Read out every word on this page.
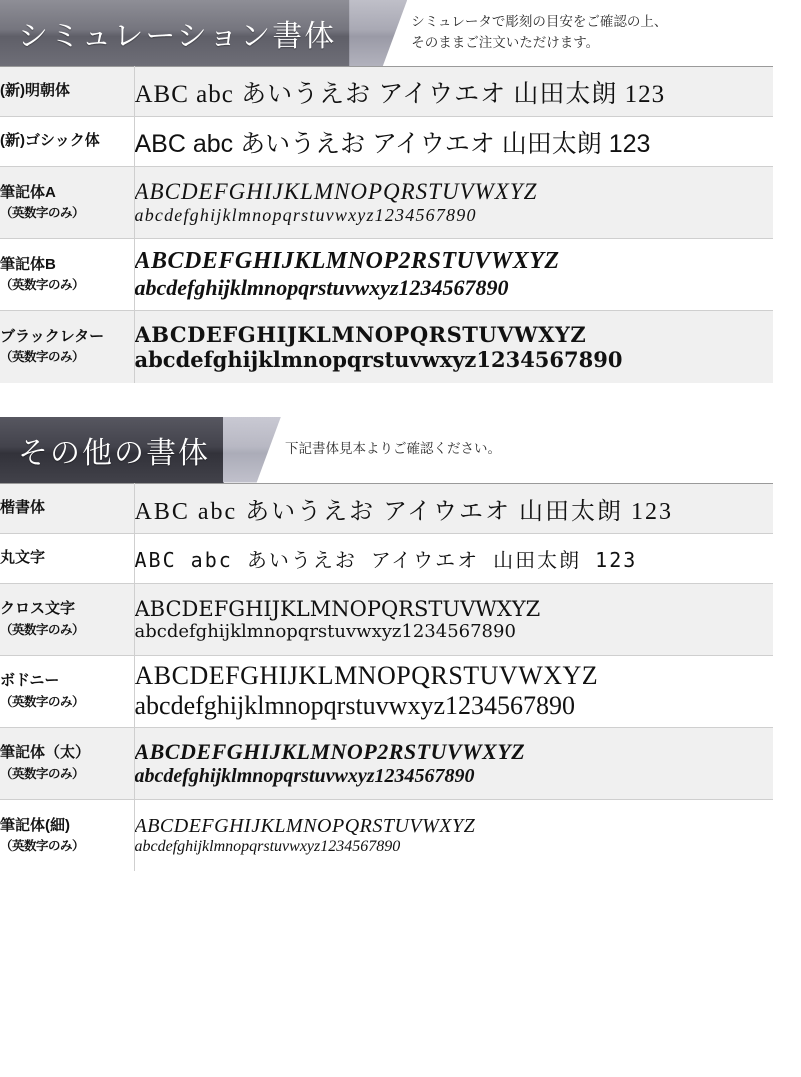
シミュレーション書体	シミュレータで彫刻の目安をご確認の上、
そのままご注文いただけます。
(新)明朝体	ABC abc あいうえお アイウエオ 山田太朗 123

(新)ゴシック体	ABC abc あいうえお アイウエオ 山田太朗 123

筆記体A
（英数字のみ）	ABCDEFGHIJKLMNOPQRSTUVWXYZ
abcdefghijklmnopqrstuvwxyz1234567890

筆記体B
（英数字のみ）	ABCDEFGHIJKLMNOP2RSTUVWXYZ
abcdefghijklmnopqrstuvwxyz1234567890

ブラックレター
（英数字のみ）	ABCDEFGHIJKLMNOPQRSTUVWXYZ
abcdefghijklmnopqrstuvwxyz1234567890
その他の書体	下記書体見本よりご確認ください。
楷書体	ABC abc あいうえお アイウエオ 山田太朗 123

丸文字	ABC abc あいうえお アイウエオ 山田太朗 123

クロス文字
（英数字のみ）	ABCDEFGHIJKLMNOPQRSTUVWXYZ
abcdefghijklmnopqrstuvwxyz1234567890

ボドニー
（英数字のみ）	ABCDEFGHIJKLMNOPQRSTUVWXYZ
abcdefghijklmnopqrstuvwxyz1234567890

筆記体（太）
（英数字のみ）	ABCDEFGHIJKLMNOP2RSTUVWXYZ
abcdefghijklmnopqrstuvwxyz1234567890

筆記体(細)
（英数字のみ）	ABCDEFGHIJKLMNOPQRSTUVWXYZ
abcdefghijklmnopqrstuvwxyz1234567890
